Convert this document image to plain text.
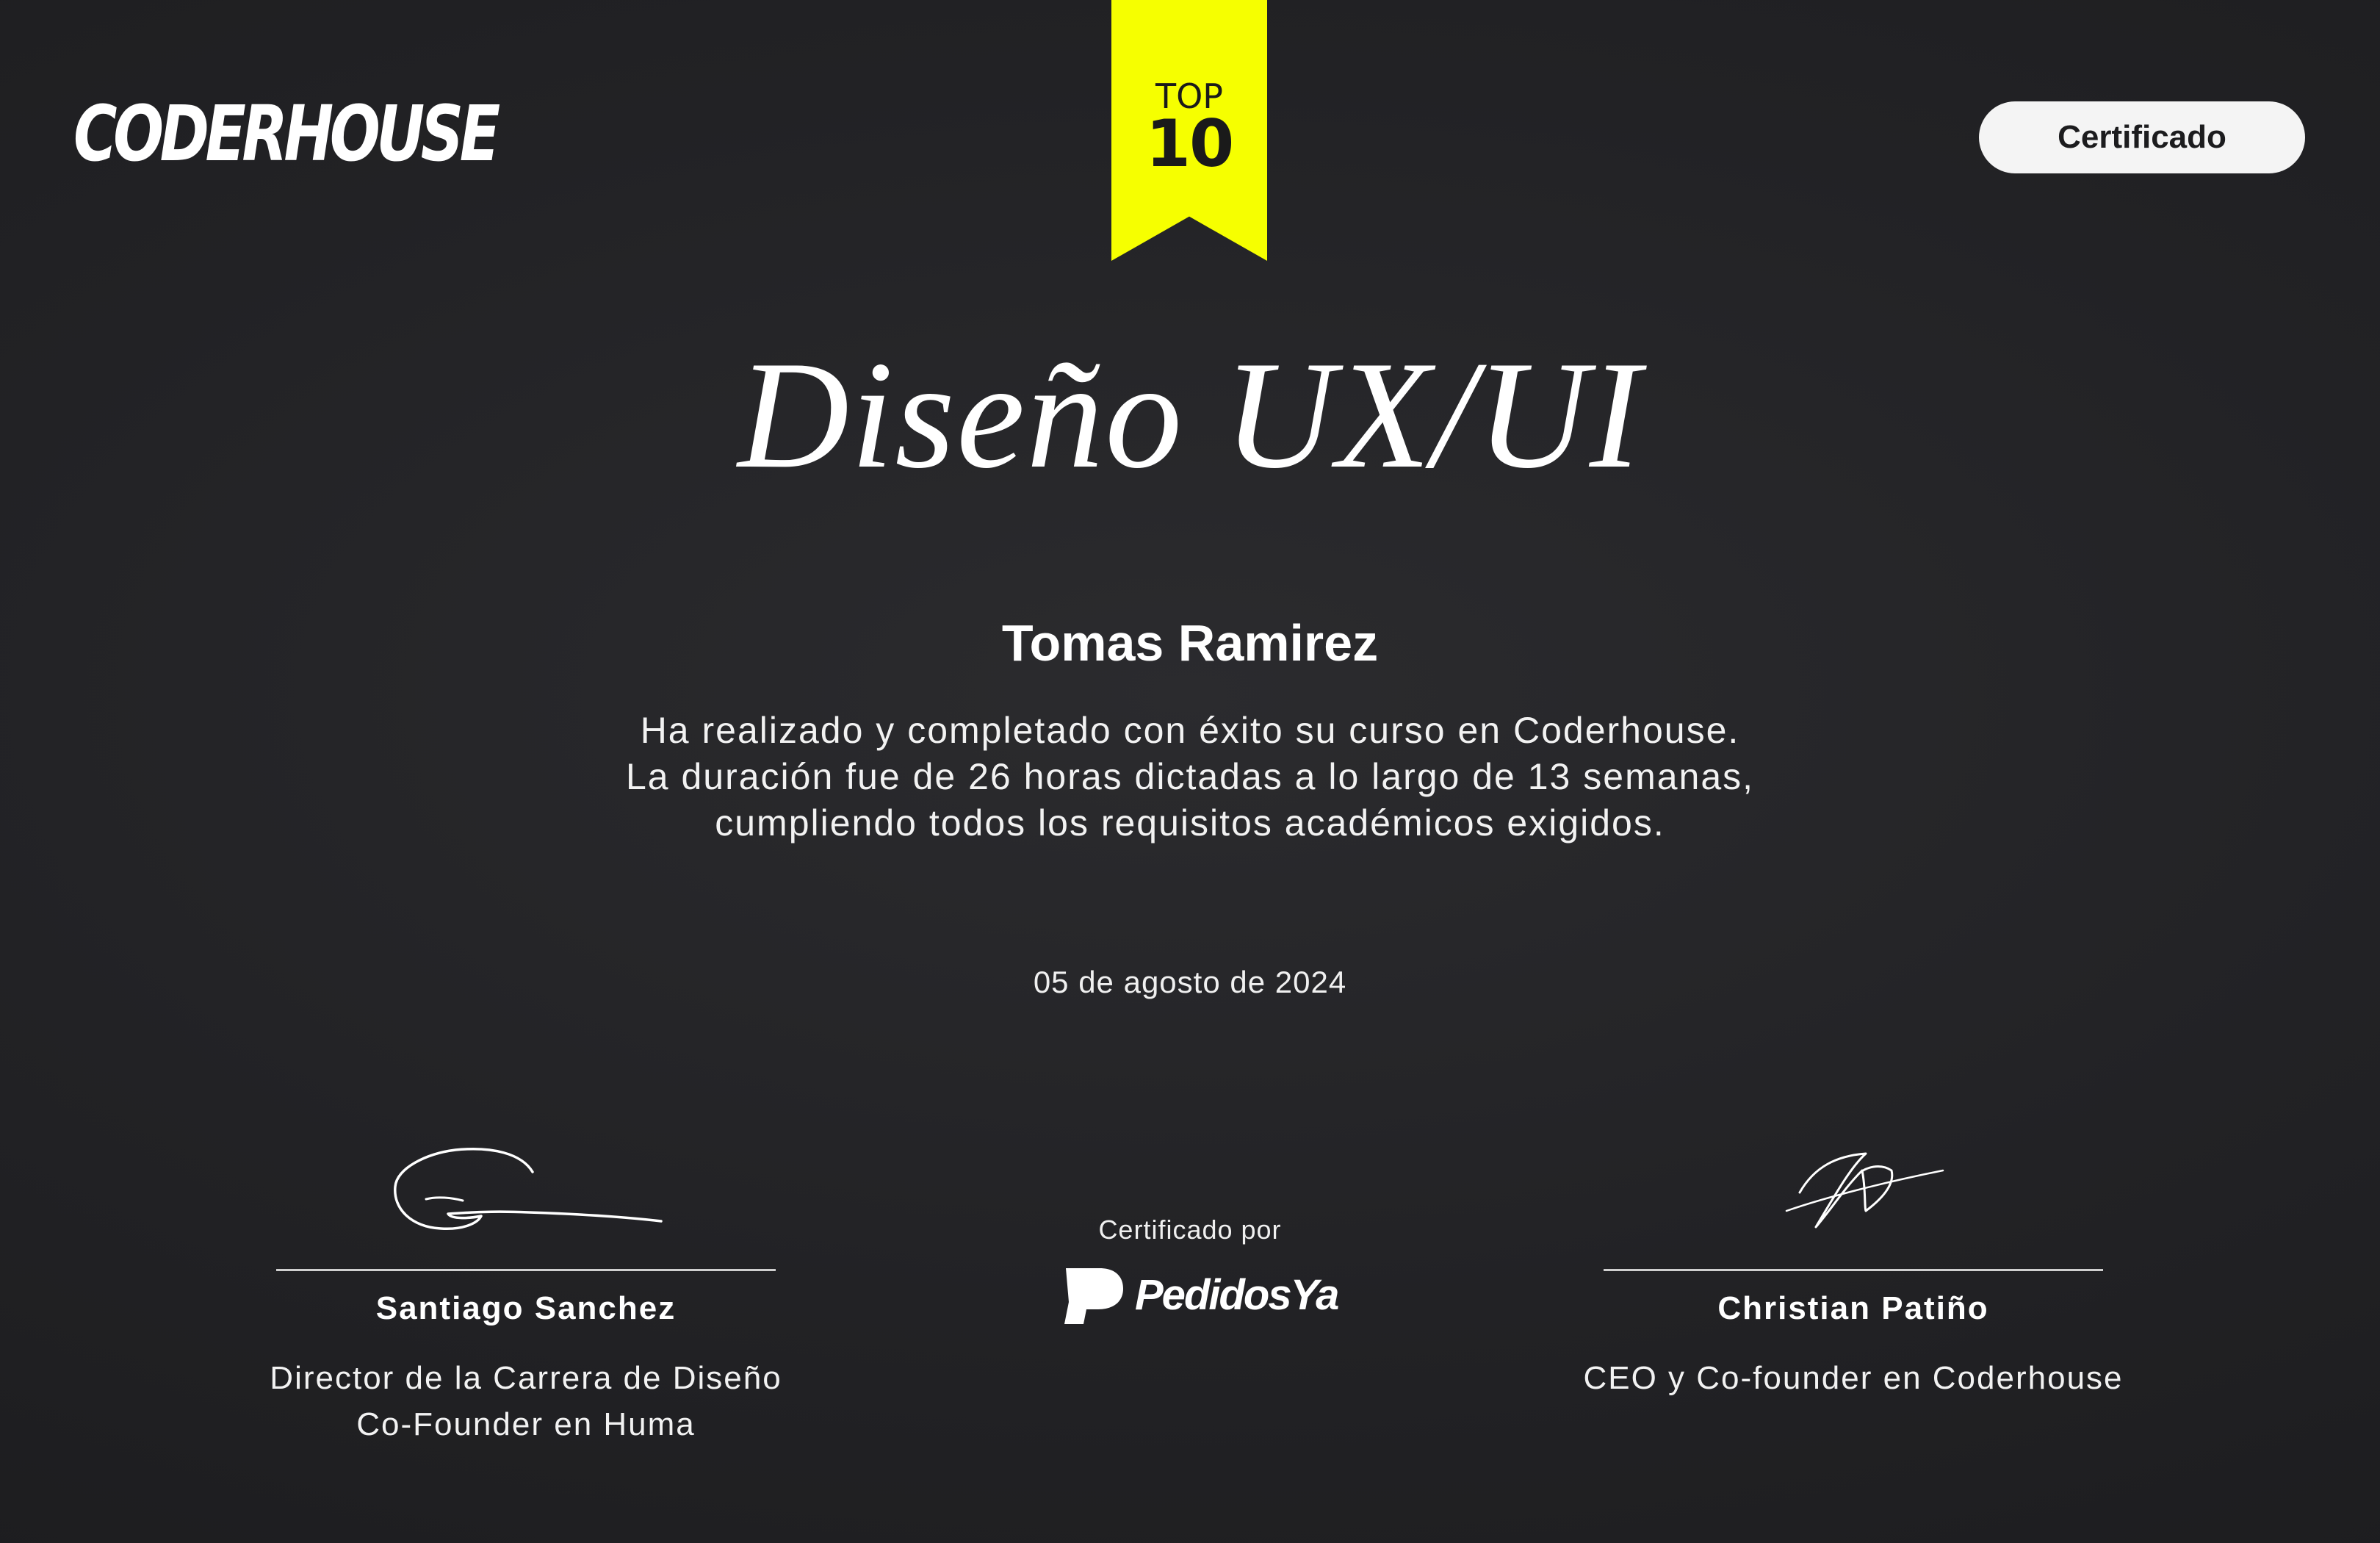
CODERHOUSE	TOP
10	Certificado
Diseño UX/UI
Tomas Ramirez
Ha realizado y completado con éxito su curso en Coderhouse.
La duración fue de 26 horas dictadas a lo largo de 13 semanas,
cumpliendo todos los requisitos académicos exigidos.
05 de agosto de 2024
Santiago Sanchez
Director de la Carrera de Diseño
Co-Founder en Huma
Christian Patiño
CEO y Co-founder en Coderhouse
Certificado por
PedidosYa
